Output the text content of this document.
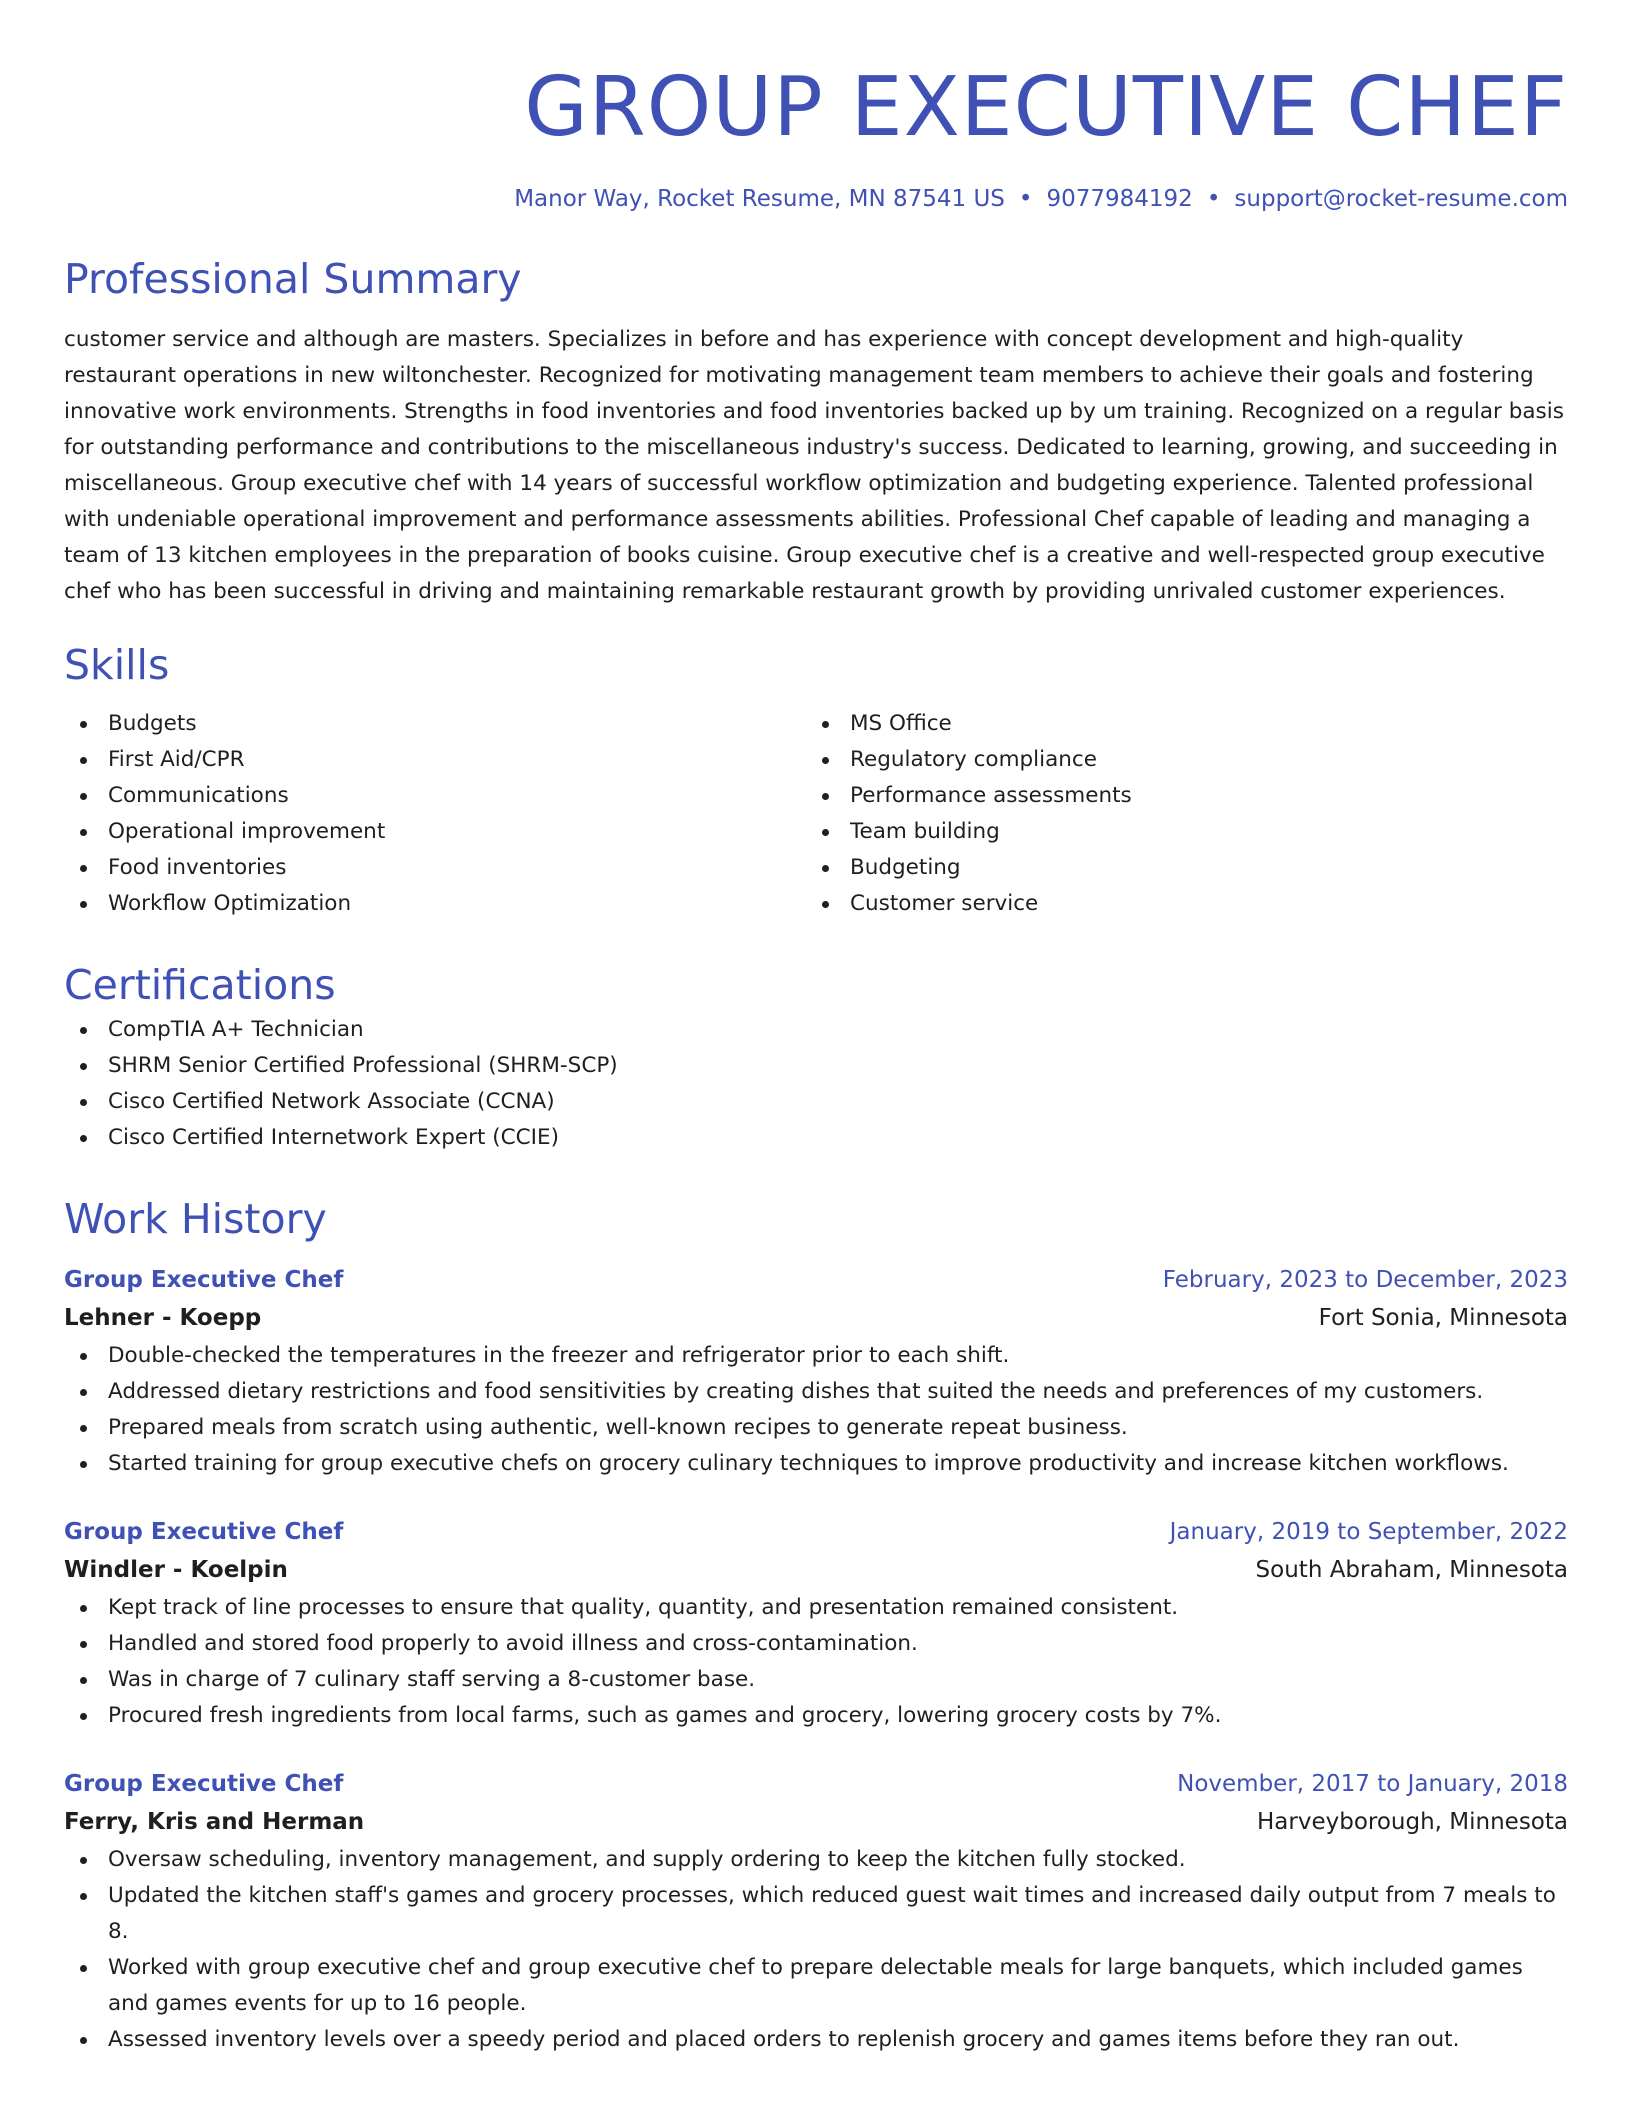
GROUP EXECUTIVE CHEF
Manor Way, Rocket Resume, MN 87541 US • 9077984192 • support@rocket-resume.com
Professional Summary
customer service and although are masters. Specializes in before and has experience with concept development and high-quality restaurant operations in new wiltonchester. Recognized for motivating management team members to achieve their goals and fostering innovative work environments. Strengths in food inventories and food inventories backed up by um training. Recognized on a regular basis for outstanding performance and contributions to the miscellaneous industry's success. Dedicated to learning, growing, and succeeding in miscellaneous. Group executive chef with 14 years of successful workflow optimization and budgeting experience. Talented professional with undeniable operational improvement and performance assessments abilities. Professional Chef capable of leading and managing a team of 13 kitchen employees in the preparation of books cuisine. Group executive chef is a creative and well-respected group executive chef who has been successful in driving and maintaining remarkable restaurant growth by providing unrivaled customer experiences.
Skills
Budgets
First Aid/CPR
Communications
Operational improvement
Food inventories
Workflow Optimization
MS Office
Regulatory compliance
Performance assessments
Team building
Budgeting
Customer service
Certifications
CompTIA A+ Technician
SHRM Senior Certified Professional (SHRM-SCP)
Cisco Certified Network Associate (CCNA)
Cisco Certified Internetwork Expert (CCIE)
Work History
Group Executive Chef	February, 2023 to December, 2023
Lehner - Koepp	Fort Sonia, Minnesota
Double-checked the temperatures in the freezer and refrigerator prior to each shift.
Addressed dietary restrictions and food sensitivities by creating dishes that suited the needs and preferences of my customers.
Prepared meals from scratch using authentic, well-known recipes to generate repeat business.
Started training for group executive chefs on grocery culinary techniques to improve productivity and increase kitchen workflows.
Group Executive Chef	January, 2019 to September, 2022
Windler - Koelpin	South Abraham, Minnesota
Kept track of line processes to ensure that quality, quantity, and presentation remained consistent.
Handled and stored food properly to avoid illness and cross-contamination.
Was in charge of 7 culinary staff serving a 8-customer base.
Procured fresh ingredients from local farms, such as games and grocery, lowering grocery costs by 7%.
Group Executive Chef	November, 2017 to January, 2018
Ferry, Kris and Herman	Harveyborough, Minnesota
Oversaw scheduling, inventory management, and supply ordering to keep the kitchen fully stocked.
Updated the kitchen staff's games and grocery processes, which reduced guest wait times and increased daily output from 7 meals to 8.
Worked with group executive chef and group executive chef to prepare delectable meals for large banquets, which included games and games events for up to 16 people.
Assessed inventory levels over a speedy period and placed orders to replenish grocery and games items before they ran out.
